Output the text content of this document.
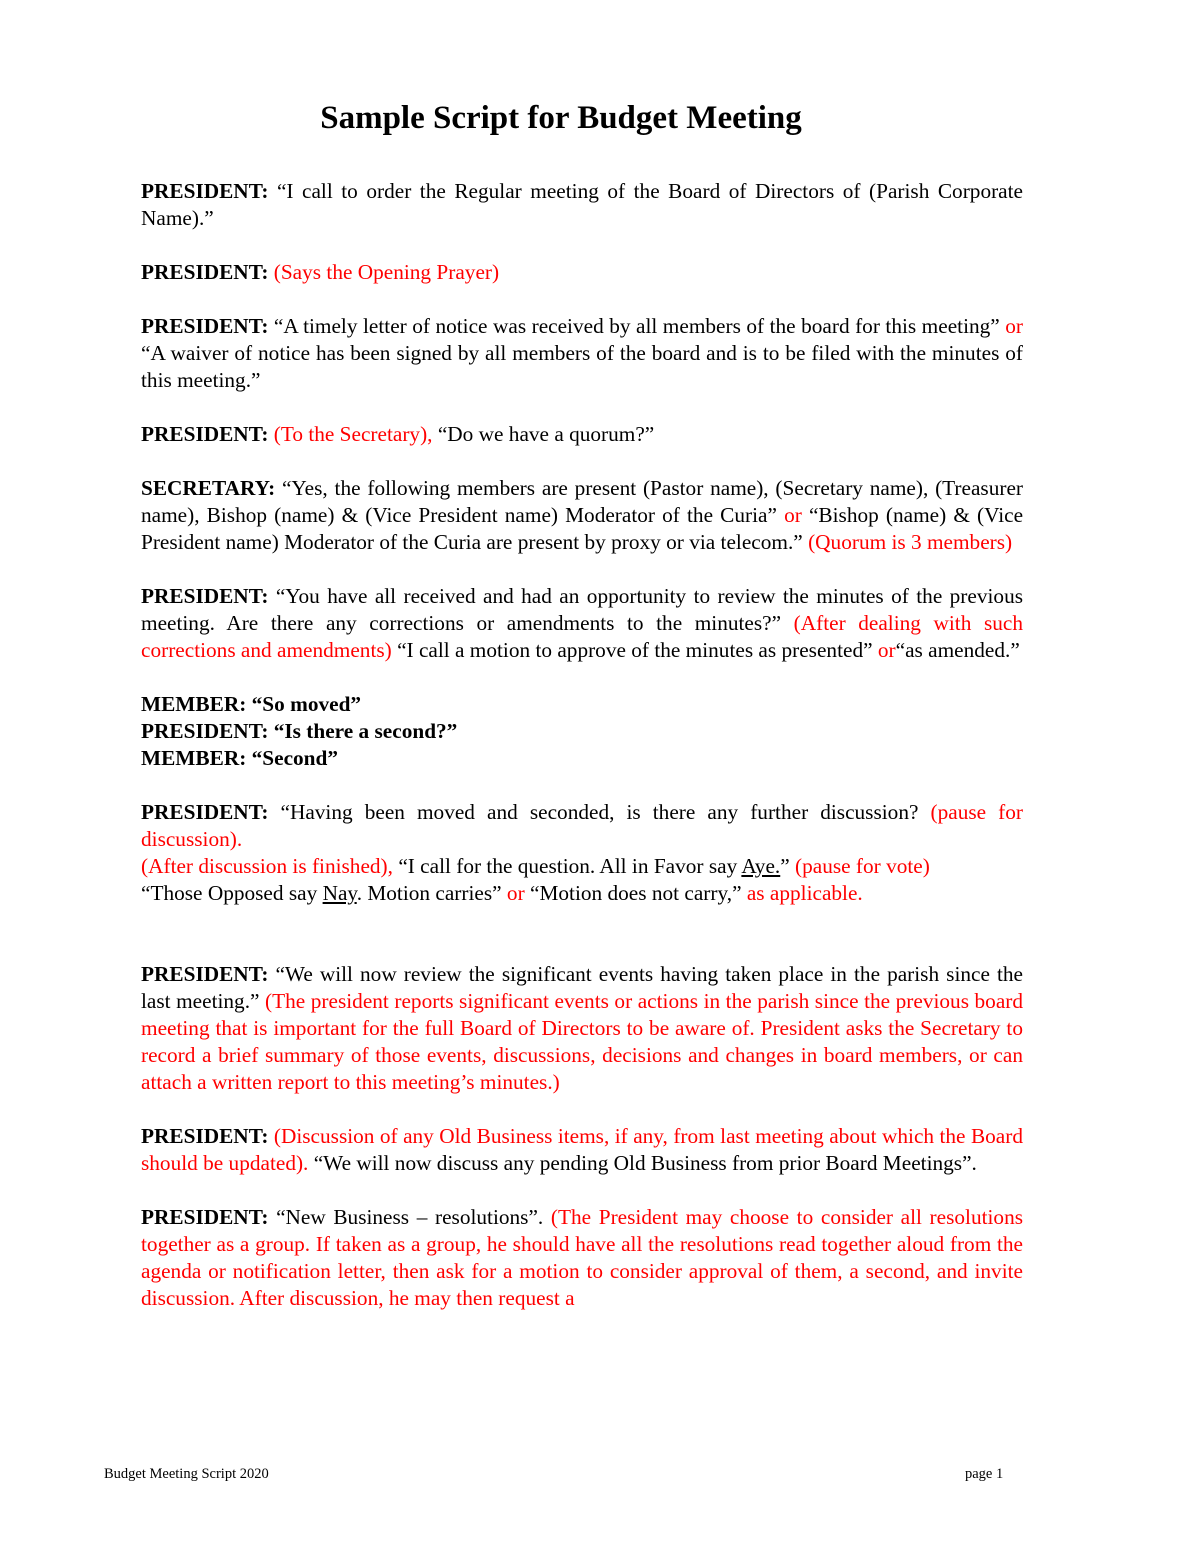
Sample Script for Budget Meeting

PRESIDENT: “I call to order the Regular meeting of the Board of Directors of (Parish Corporate Name).”

PRESIDENT: (Says the Opening Prayer)

PRESIDENT: “A timely letter of notice was received by all members of the board for this meeting” or “A waiver of notice has been signed by all members of the board and is to be filed with the minutes of this meeting.”

PRESIDENT: (To the Secretary), “Do we have a quorum?”

SECRETARY: “Yes, the following members are present (Pastor name), (Secretary name), (Treasurer name), Bishop (name) & (Vice President name) Moderator of the Curia” or “Bishop (name) & (Vice President name) Moderator of the Curia are present by proxy or via telecom.” (Quorum is 3 members)

PRESIDENT: “You have all received and had an opportunity to review the minutes of the previous meeting. Are there any corrections or amendments to the minutes?” (After dealing with such corrections and amendments) “I call a motion to approve of the minutes as presented” or“as amended.”

MEMBER: “So moved”

PRESIDENT: “Is there a second?”

MEMBER: “Second”

PRESIDENT: “Having been moved and seconded, is there any further discussion? (pause for discussion).
(After discussion is finished), “I call for the question. All in Favor say Aye.” (pause for vote)
“Those Opposed say Nay. Motion carries” or “Motion does not carry,” as applicable.

PRESIDENT: “We will now review the significant events having taken place in the parish since the last meeting.” (The president reports significant events or actions in the parish since the previous board meeting that is important for the full Board of Directors to be aware of. President asks the Secretary to record a brief summary of those events, discussions, decisions and changes in board members, or can attach a written report to this meeting’s minutes.)

PRESIDENT: (Discussion of any Old Business items, if any, from last meeting about which the Board should be updated). “We will now discuss any pending Old Business from prior Board Meetings”.

PRESIDENT: “New Business – resolutions”. (The President may choose to consider all resolutions together as a group. If taken as a group, he should have all the resolutions read together aloud from the agenda or notification letter, then ask for a motion to consider approval of them, a second, and invite discussion. After discussion, he may then request a

Budget Meeting Script 2020	page 1
